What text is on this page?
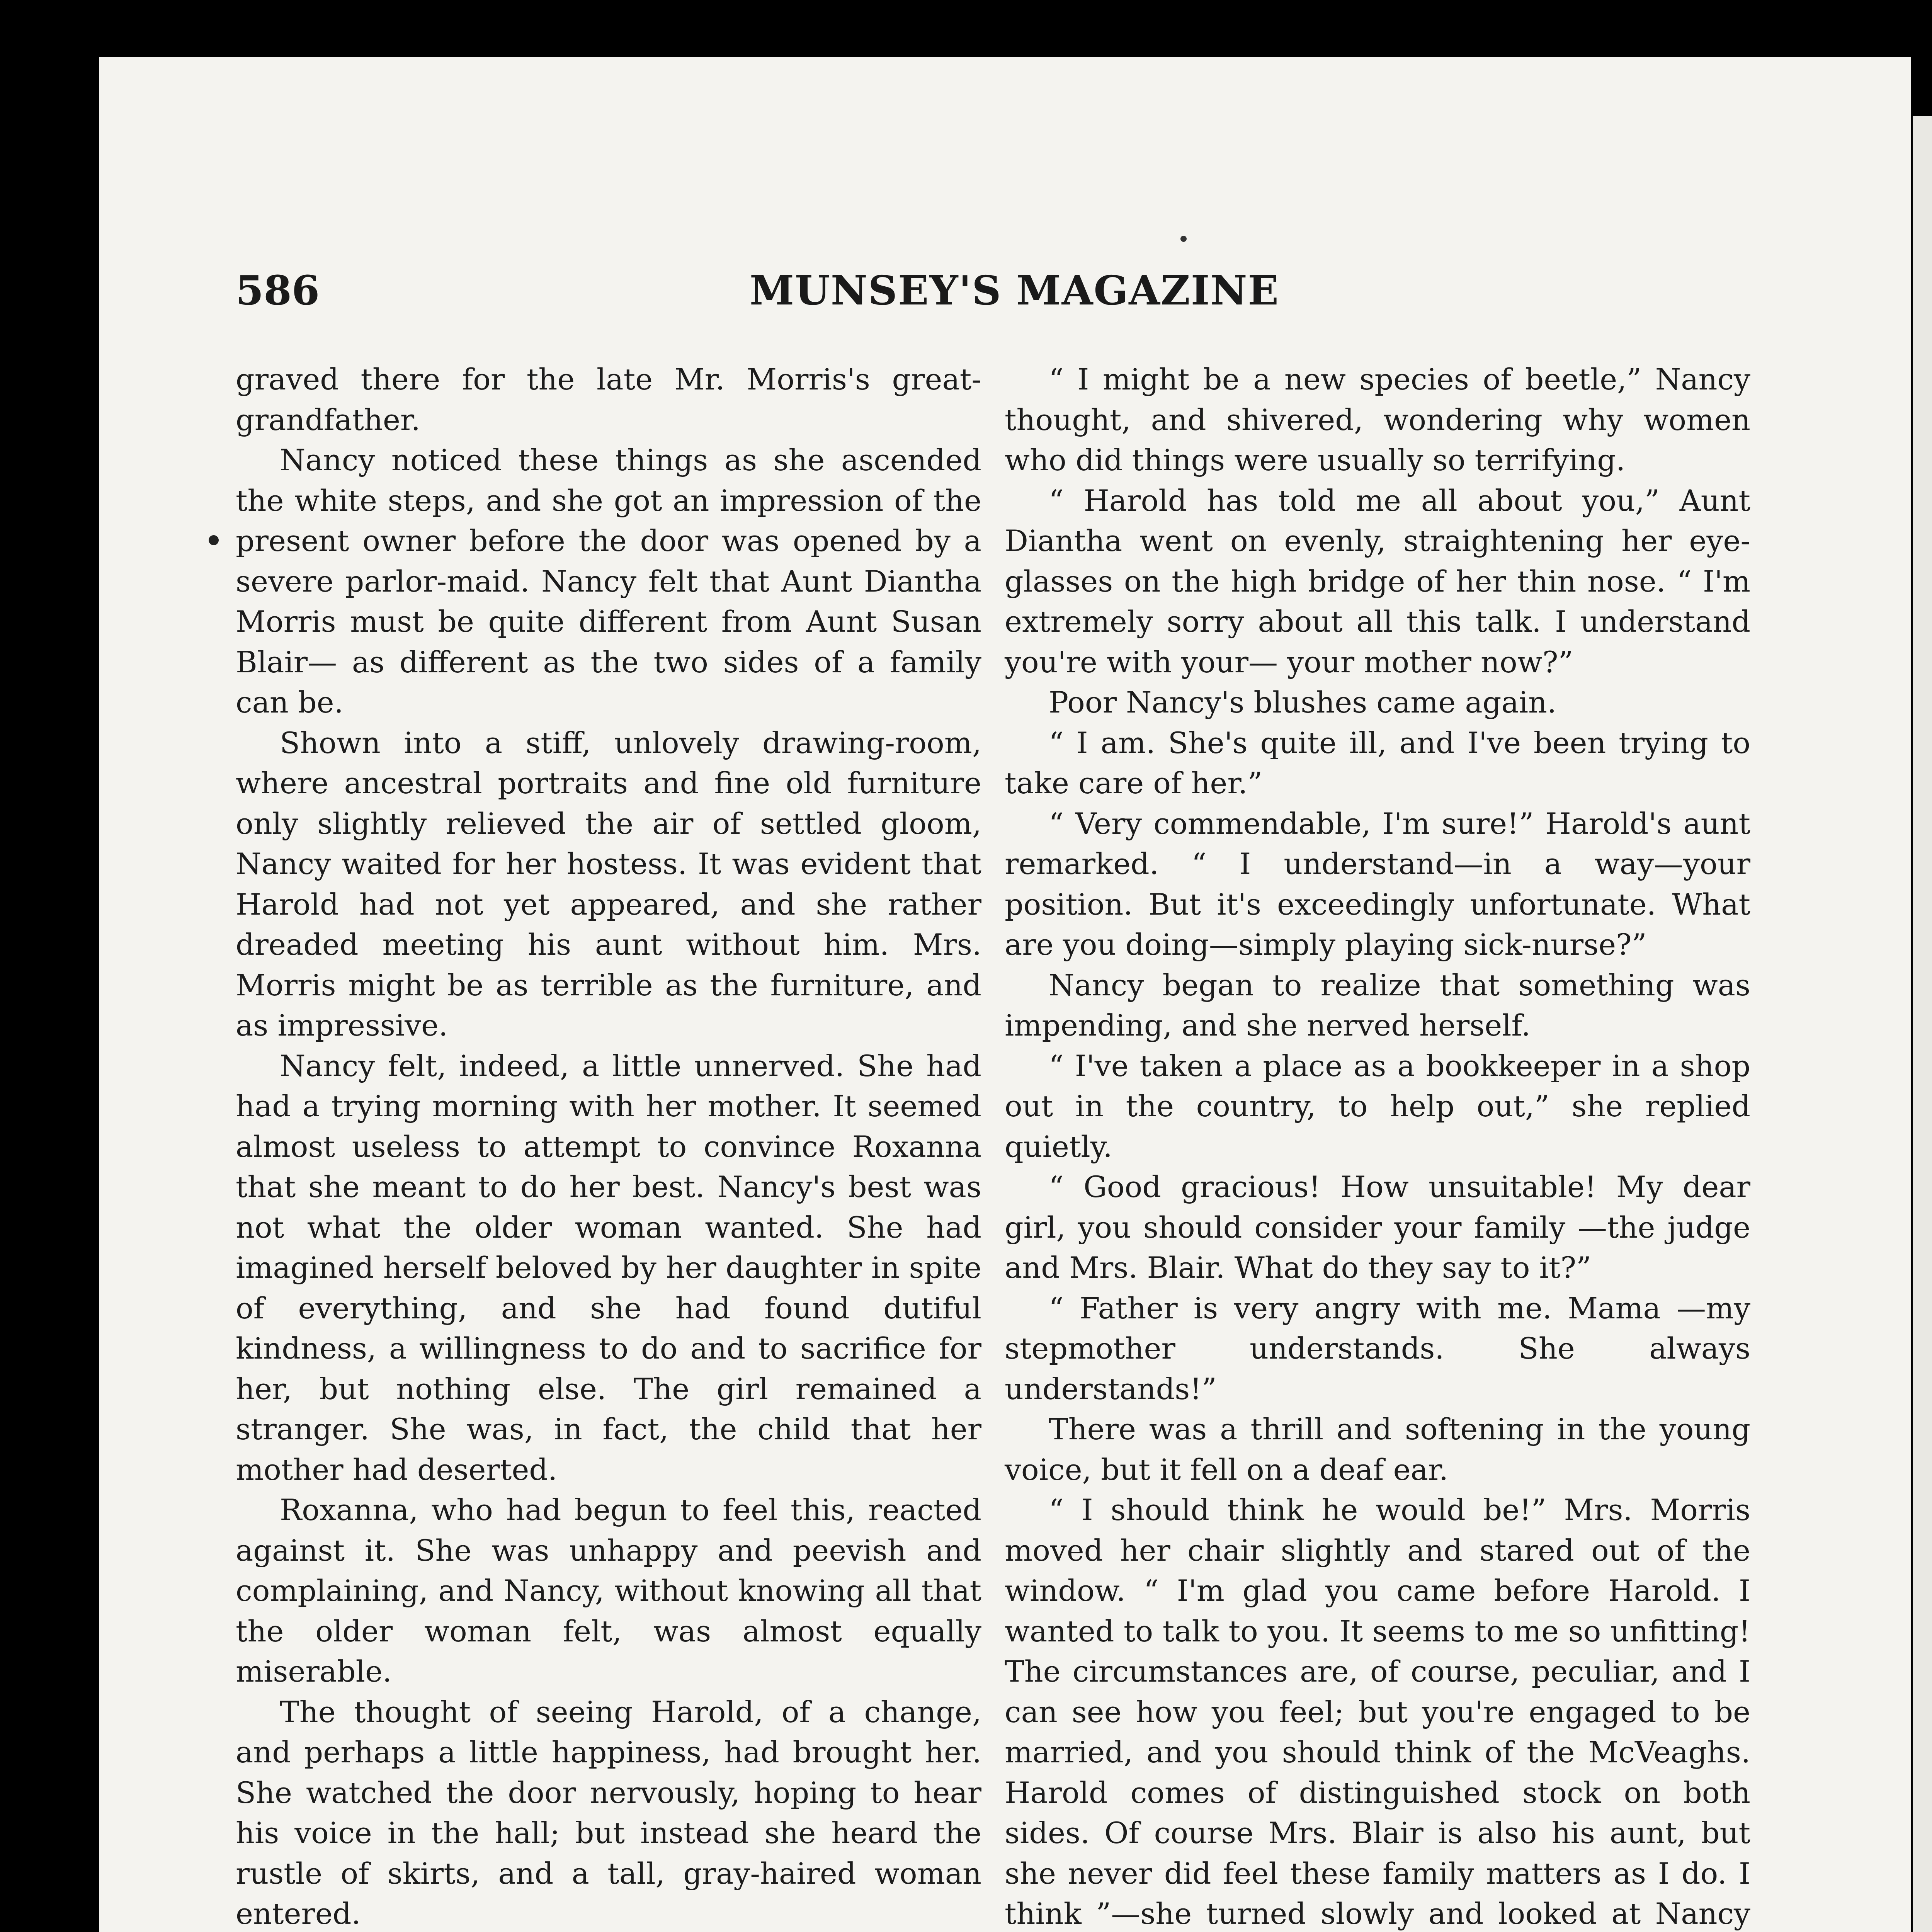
586	MUNSEY'S MAGAZINE

graved there for the late Mr. Morris's great-grandfather.

Nancy noticed these things as she ascended the white steps, and she got an impression of the present owner before the door was opened by a severe parlor-maid. Nancy felt that Aunt Diantha Morris must be quite different from Aunt Susan Blair— as different as the two sides of a family can be.

Shown into a stiff, unlovely drawing-room, where ancestral portraits and fine old furniture only slightly relieved the air of settled gloom, Nancy waited for her hostess. It was evident that Harold had not yet appeared, and she rather dreaded meeting his aunt without him. Mrs. Morris might be as terrible as the furniture, and as impressive.

Nancy felt, indeed, a little unnerved. She had had a trying morning with her mother. It seemed almost useless to attempt to convince Roxanna that she meant to do her best. Nancy's best was not what the older woman wanted. She had imagined herself beloved by her daughter in spite of everything, and she had found dutiful kindness, a willingness to do and to sacrifice for her, but nothing else. The girl remained a stranger. She was, in fact, the child that her mother had deserted.

Roxanna, who had begun to feel this, reacted against it. She was unhappy and peevish and complaining, and Nancy, without knowing all that the older woman felt, was almost equally miserable.

The thought of seeing Harold, of a change, and perhaps a little happiness, had brought her. She watched the door nervously, hoping to hear his voice in the hall; but instead she heard the rustle of skirts, and a tall, gray-haired woman entered.

“ I might be a new species of beetle,” Nancy thought, and shivered, wondering why women who did things were usually so terrifying.

“ Harold has told me all about you,” Aunt Diantha went on evenly, straightening her eye-glasses on the high bridge of her thin nose. “ I'm extremely sorry about all this talk. I understand you're with your— your mother now?”

Poor Nancy's blushes came again.

“ I am. She's quite ill, and I've been trying to take care of her.”

“ Very commendable, I'm sure!” Harold's aunt remarked. “ I understand—in a way—your position. But it's exceedingly unfortunate. What are you doing—simply playing sick-nurse?”

Nancy began to realize that something was impending, and she nerved herself.

“ I've taken a place as a bookkeeper in a shop out in the country, to help out,” she replied quietly.

“ Good gracious! How unsuitable! My dear girl, you should consider your family —the judge and Mrs. Blair. What do they say to it?”

“ Father is very angry with me. Mama —my stepmother understands. She always understands!”

There was a thrill and softening in the young voice, but it fell on a deaf ear.

“ I should think he would be!” Mrs. Morris moved her chair slightly and stared out of the window. “ I'm glad you came before Harold. I wanted to talk to you. It seems to me so unfitting! The circumstances are, of course, peculiar, and I can see how you feel; but you're engaged to be married, and you should think of the McVeaghs. Harold comes of distinguished stock on both sides. Of course Mrs. Blair is also his aunt, but she never did feel these family matters as I do. I think ”—she turned slowly and looked at Nancy
